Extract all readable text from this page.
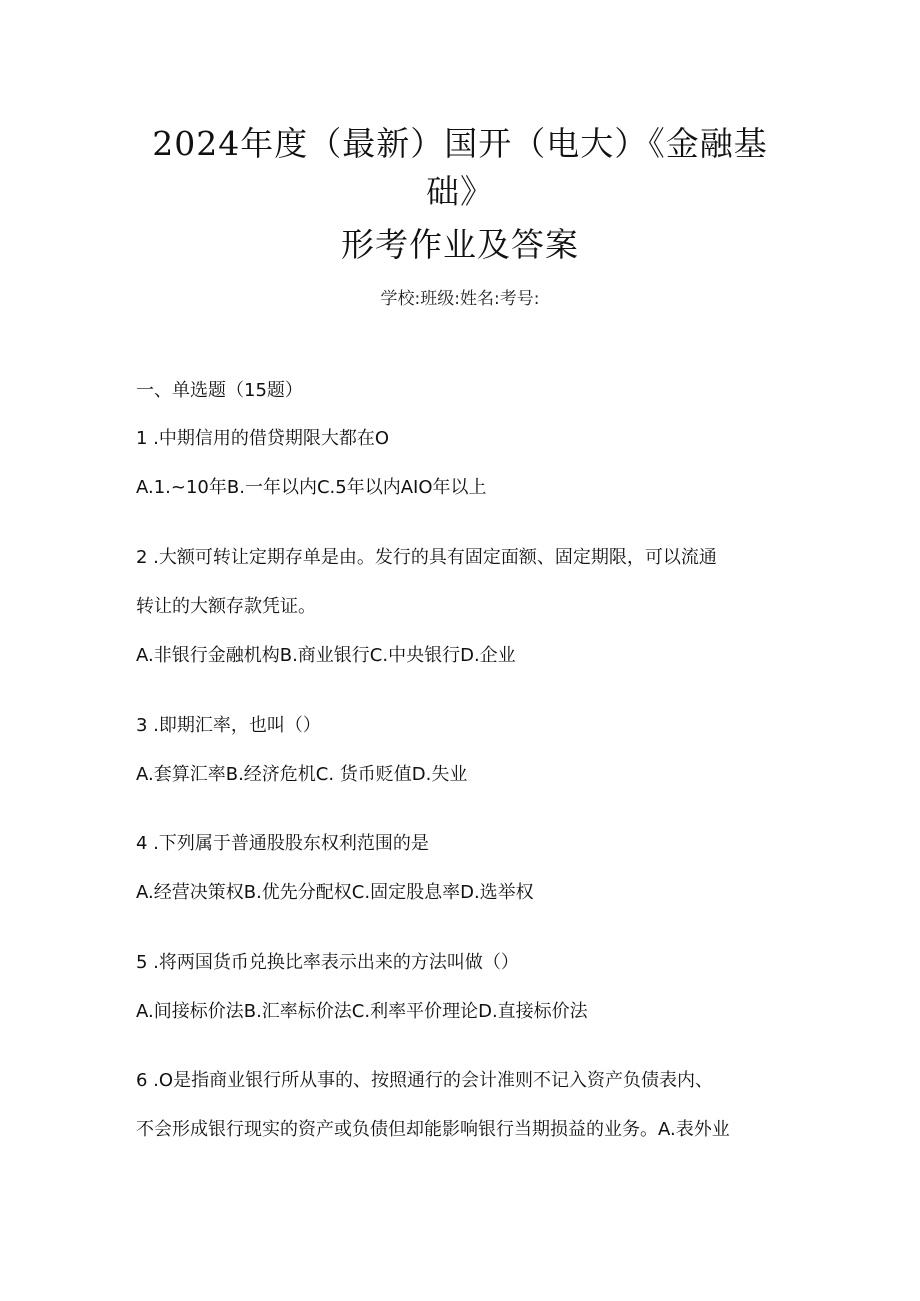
2024年度（最新）国开（电大）《金融基
础》
形考作业及答案
学校:班级:姓名:考号:
一、单选题（15题）
1 .中期信用的借贷期限大都在O
A.1.~10年B.一年以内C.5年以内AIO年以上
2 .大额可转让定期存单是由。发行的具有固定面额、固定期限，可以流通
转让的大额存款凭证。
A.非银行金融机构B.商业银行C.中央银行D.企业
3 .即期汇率，也叫（）
A.套算汇率B.经济危机C. 货币贬值D.失业
4 .下列属于普通股股东权利范围的是
A.经营决策权B.优先分配权C.固定股息率D.选举权
5 .将两国货币兑换比率表示出来的方法叫做（）
A.间接标价法B.汇率标价法C.利率平价理论D.直接标价法
6 .O是指商业银行所从事的、按照通行的会计准则不记入资产负债表内、
不会形成银行现实的资产或负债但却能影响银行当期损益的业务。A.表外业
